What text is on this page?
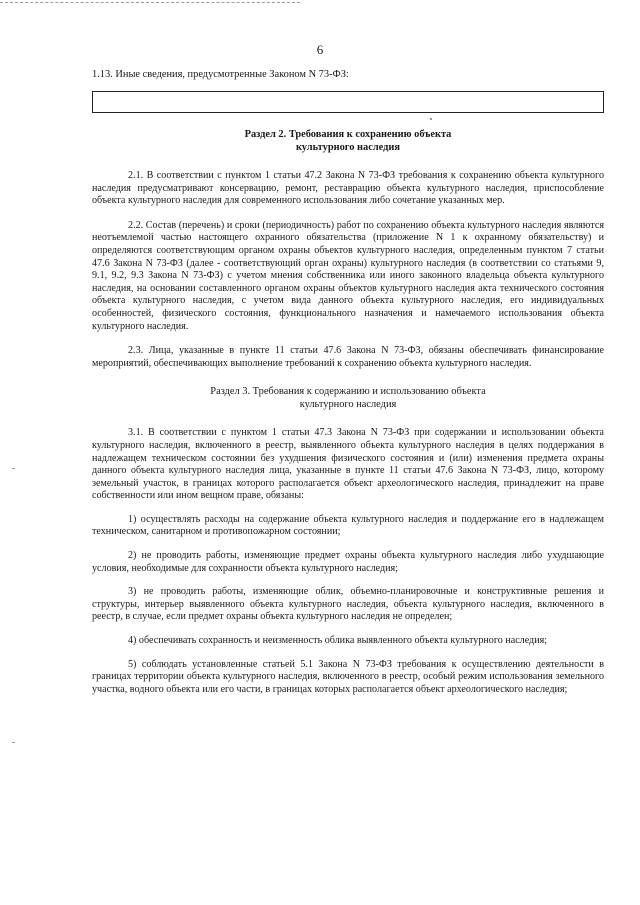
6
1.13. Иные сведения, предусмотренные Законом N 73-ФЗ:
Раздел 2. Требования к сохранению объекта
культурного наследия
2.1. В соответствии с пунктом 1 статьи 47.2 Закона N 73-ФЗ требования к сохранению объекта культурного наследия предусматривают консервацию, ремонт, реставрацию объекта культурного наследия, приспособление объекта культурного наследия для современного использования либо сочетание указанных мер.
2.2. Состав (перечень) и сроки (периодичность) работ по сохранению объекта культурного наследия являются неотъемлемой частью настоящего охранного обязательства (приложение N 1 к охранному обязательству) и определяются соответствующим органом охраны объектов культурного наследия, определенным пунктом 7 статьи 47.6 Закона N 73-ФЗ (далее - соответствующий орган охраны) культурного наследия (в соответствии со статьями 9, 9.1, 9.2, 9.3 Закона N 73-ФЗ) с учетом мнения собственника или иного законного владельца объекта культурного наследия, на основании составленного органом охраны объектов культурного наследия акта технического состояния объекта культурного наследия, с учетом вида данного объекта культурного наследия, его индивидуальных особенностей, физического состояния, функционального назначения и намечаемого использования объекта культурного наследия.
2.3. Лица, указанные в пункте 11 статьи 47.6 Закона N 73-ФЗ, обязаны обеспечивать финансирование мероприятий, обеспечивающих выполнение требований к сохранению объекта культурного наследия.
Раздел 3. Требования к содержанию и использованию объекта
культурного наследия
3.1. В соответствии с пунктом 1 статьи 47.3 Закона N 73-ФЗ при содержании и использовании объекта культурного наследия, включенного в реестр, выявленного объекта культурного наследия в целях поддержания в надлежащем техническом состоянии без ухудшения физического состояния и (или) изменения предмета охраны данного объекта культурного наследия лица, указанные в пункте 11 статьи 47.6 Закона N 73-ФЗ, лицо, которому земельный участок, в границах которого располагается объект археологического наследия, принадлежит на праве собственности или ином вещном праве, обязаны:
1) осуществлять расходы на содержание объекта культурного наследия и поддержание его в надлежащем техническом, санитарном и противопожарном состоянии;
2) не проводить работы, изменяющие предмет охраны объекта культурного наследия либо ухудшающие условия, необходимые для сохранности объекта культурного наследия;
3) не проводить работы, изменяющие облик, объемно-планировочные и конструктивные решения и структуры, интерьер выявленного объекта культурного наследия, объекта культурного наследия, включенного в реестр, в случае, если предмет охраны объекта культурного наследия не определен;
4) обеспечивать сохранность и неизменность облика выявленного объекта культурного наследия;
5) соблюдать установленные статьей 5.1 Закона N 73-ФЗ требования к осуществлению деятельности в границах территории объекта культурного наследия, включенного в реестр, особый режим использования земельного участка, водного объекта или его части, в границах которых располагается объект археологического наследия;
